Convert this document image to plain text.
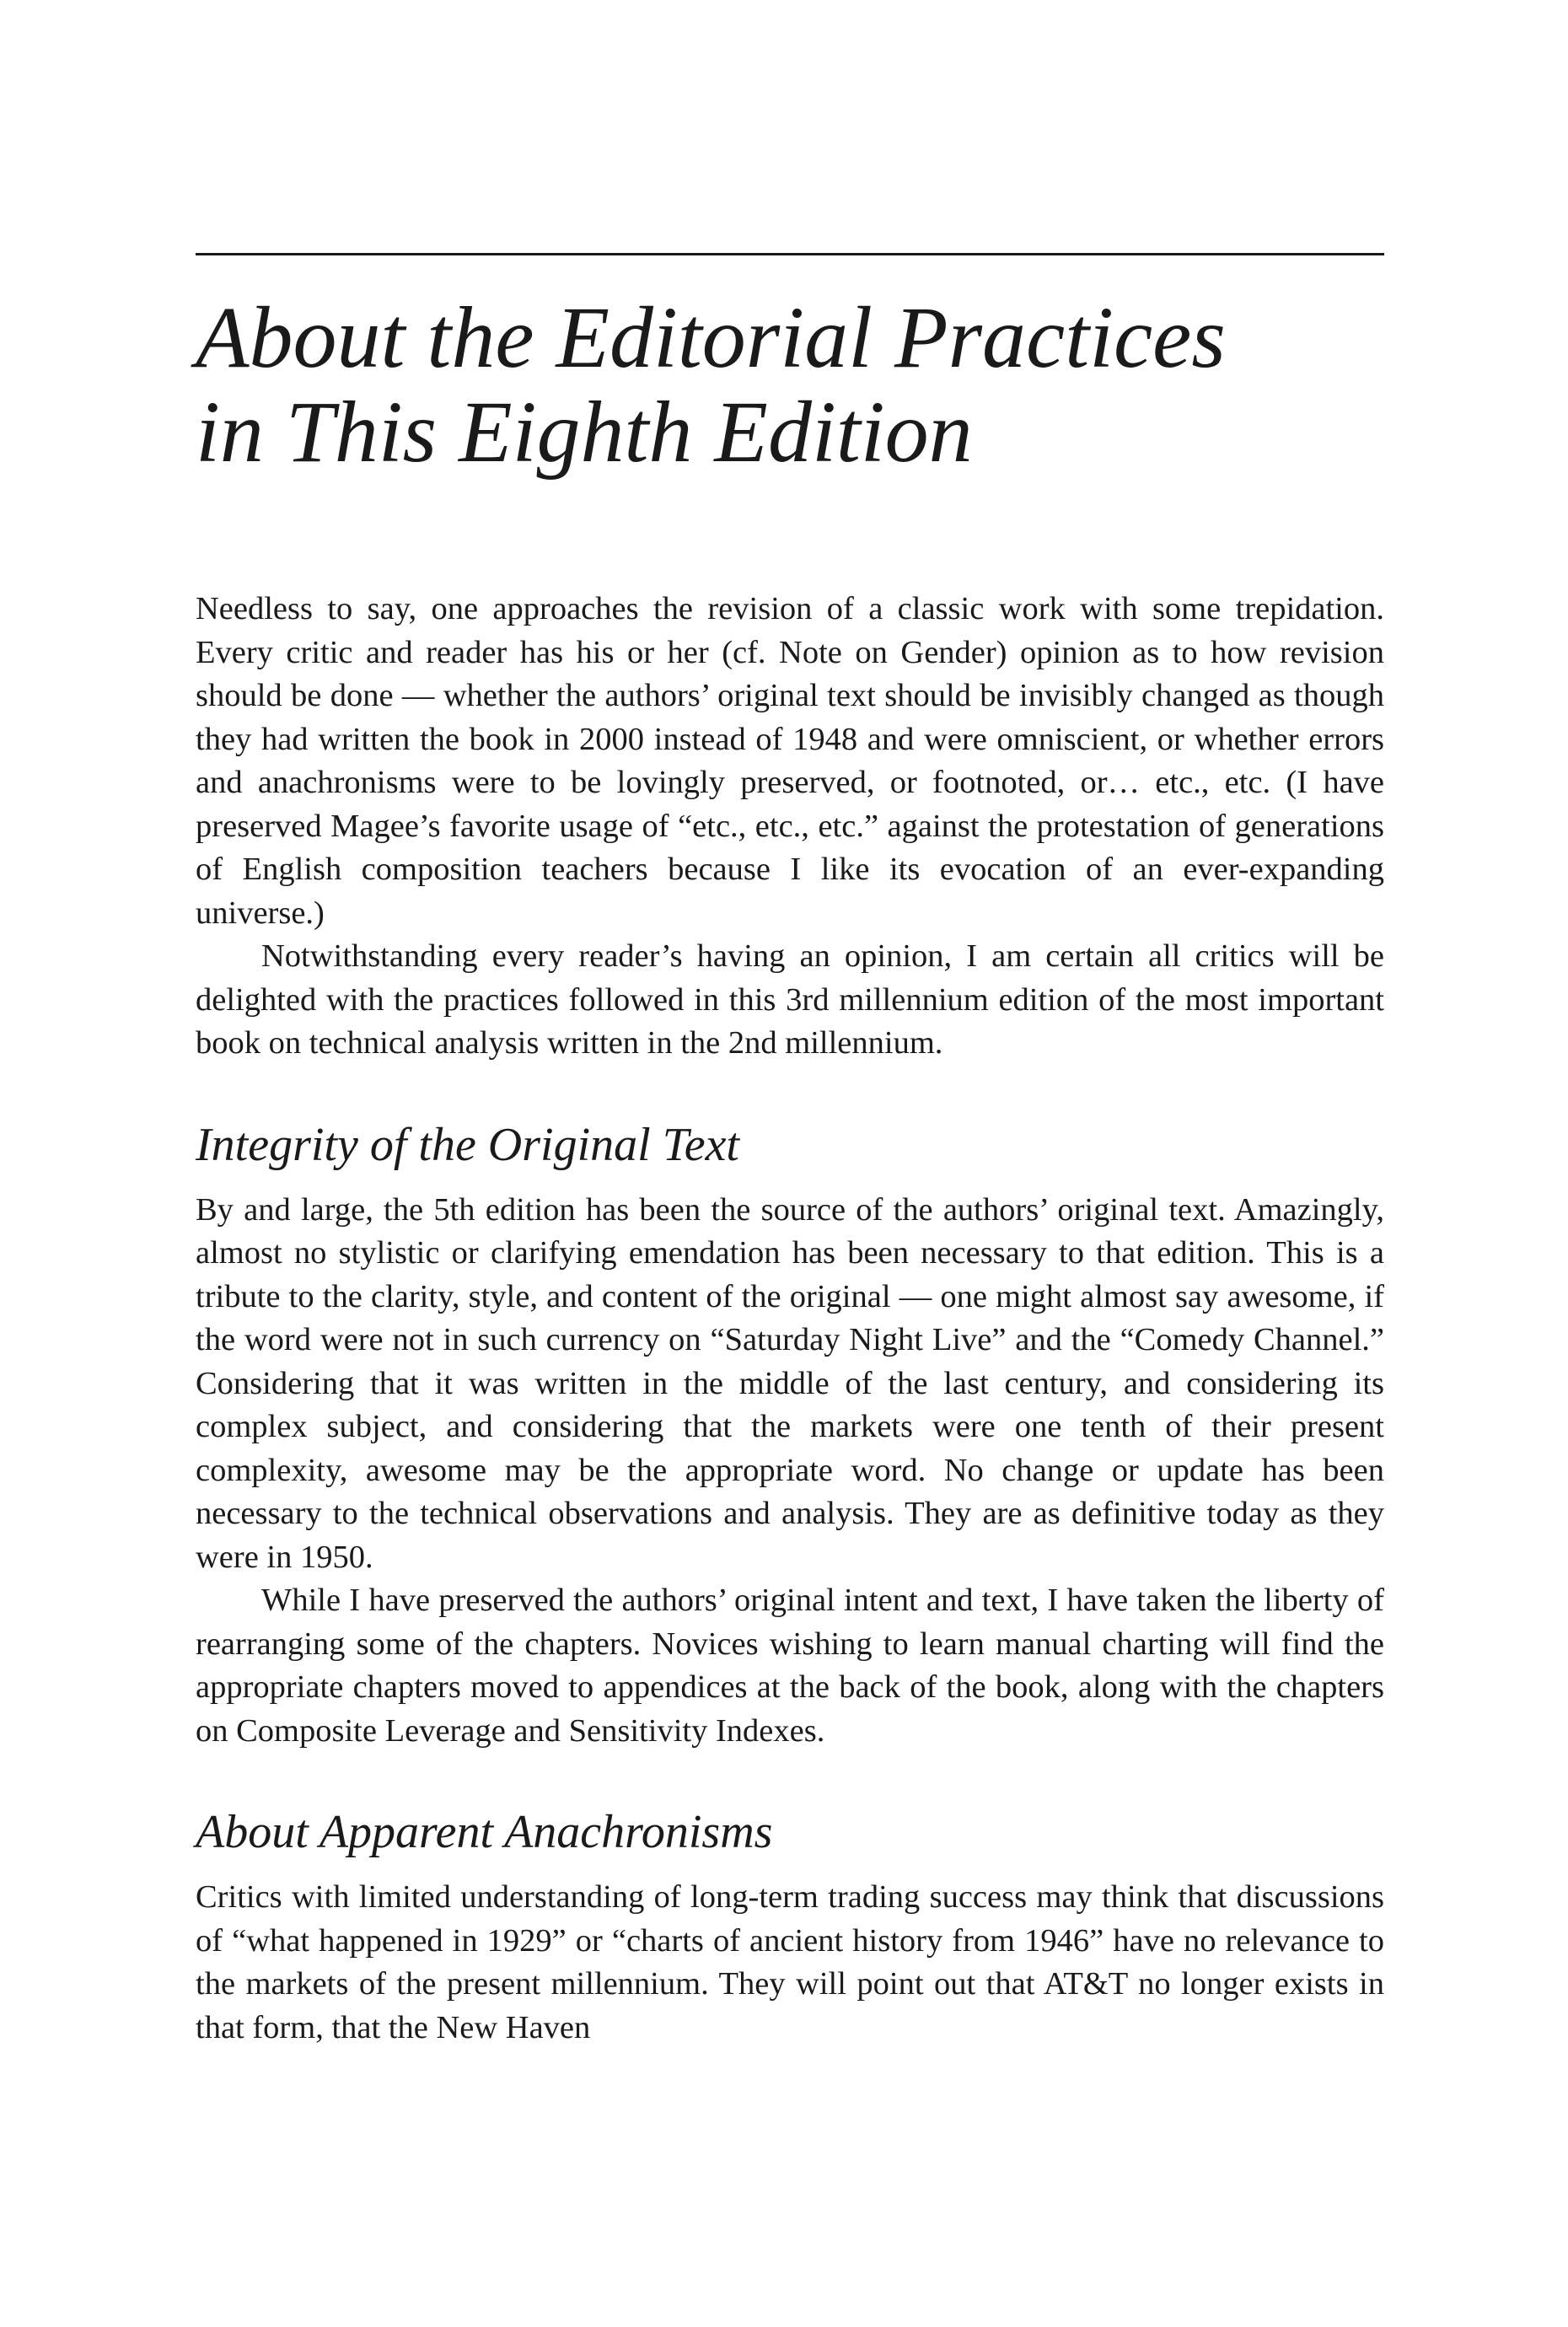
About the Editorial Practices
in This Eighth Edition

Needless to say, one approaches the revision of a classic work with some trepidation. Every critic and reader has his or her (cf. Note on Gender) opinion as to how revision should be done — whether the authors’ original text should be invisibly changed as though they had written the book in 2000 instead of 1948 and were omniscient, or whether errors and anachronisms were to be lovingly preserved, or footnoted, or… etc., etc. (I have preserved Magee’s favorite usage of “etc., etc., etc.” against the protestation of generations of English composition teachers because I like its evocation of an ever-expanding universe.)

Notwithstanding every reader’s having an opinion, I am certain all critics will be delighted with the practices followed in this 3rd millennium edition of the most important book on technical analysis written in the 2nd millennium.

Integrity of the Original Text

By and large, the 5th edition has been the source of the authors’ original text. Amazingly, almost no stylistic or clarifying emendation has been necessary to that edition. This is a tribute to the clarity, style, and content of the original — one might almost say awesome, if the word were not in such currency on “Saturday Night Live” and the “Comedy Channel.” Considering that it was written in the middle of the last century, and considering its complex subject, and considering that the markets were one tenth of their present complexity, awesome may be the appropriate word. No change or update has been necessary to the technical observations and analysis. They are as definitive today as they were in 1950.

While I have preserved the authors’ original intent and text, I have taken the liberty of rearranging some of the chapters. Novices wishing to learn manual charting will find the appropriate chapters moved to appendices at the back of the book, along with the chapters on Composite Leverage and Sensitivity Indexes.

About Apparent Anachronisms

Critics with limited understanding of long-term trading success may think that discussions of “what happened in 1929” or “charts of ancient history from 1946” have no relevance to the markets of the present millennium. They will point out that AT&T no longer exists in that form, that the New Haven
